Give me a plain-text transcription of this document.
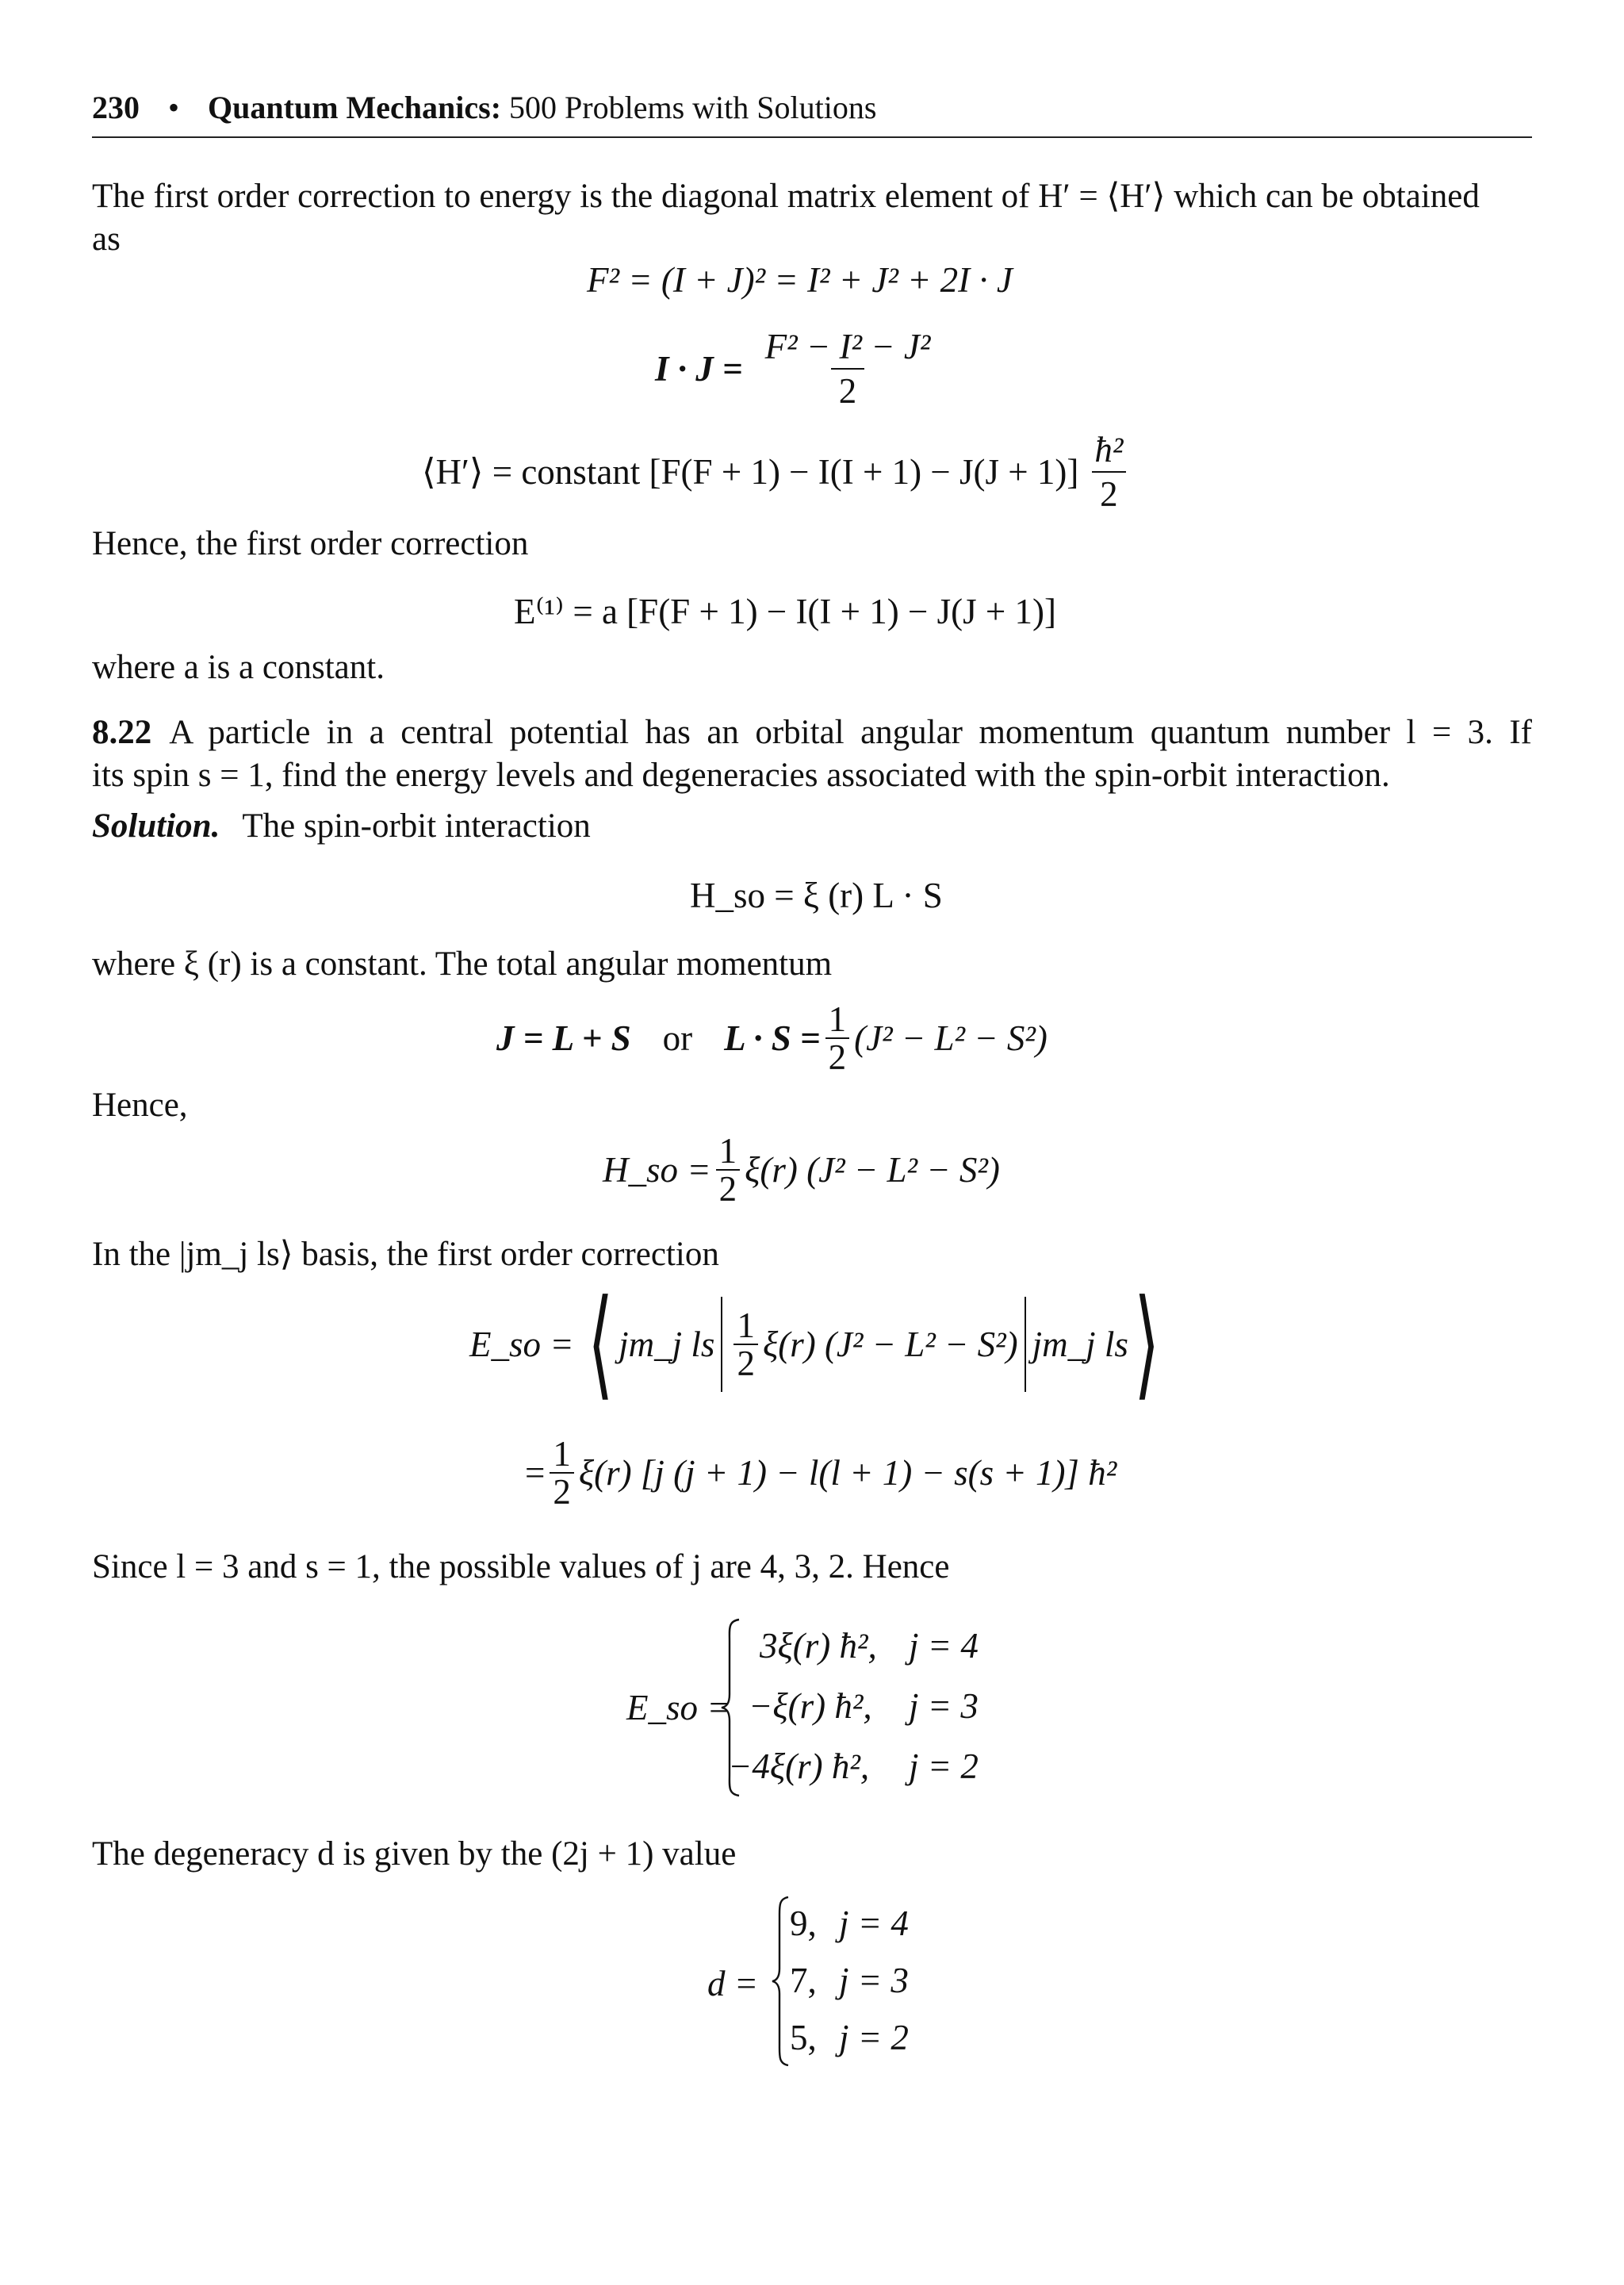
230 • Quantum Mechanics: 500 Problems with Solutions
The first order correction to energy is the diagonal matrix element of H′ = ⟨H′⟩ which can be obtained
as
F² = (I + J)² = I² + J² + 2I · J
$I \cdot J = \frac{\text{F² − I² − J²}}{2}$
⟨H′⟩ = constant $[F(F + 1) - I(I + 1) - J(J + 1)] \frac{\text{ħ²}}{2}$
Hence, the first order correction
E⁽¹⁾ = a [F(F + 1) − I(I + 1) − J(J + 1)]
where a is a constant.
8.22 A particle in a central potential has an orbital angular momentum quantum number l = 3. If
its spin s = 1, find the energy levels and degeneracies associated with the spin-orbit interaction.
Solution. The spin-orbit interaction
H_so = ξ (r) L · S
where ξ (r) is a constant. The total angular momentum
J = L + S or $L \cdot S = \frac{1}{2} (J^2 - L^2 - S^2)$
Hence,
H_so = $\frac{1}{2} \xi(r) (J^2 - L^2 - S^2)$
In the |jm_j ls⟩ basis, the first order correction
E_so = ⟨ jm_j ls $\frac{1}{2} \xi(r) (J^2 - L^2 - S^2)$ jm_j ls ⟩
= $\frac{1}{2} \xi(r)$ [j (j + 1) − l(l + 1) − s(s + 1)] ħ²
Since l = 3 and s = 1, the possible values of j are 4, 3, 2. Hence
E_so =
3ξ(r) ħ², j = 4
−ξ(r) ħ², j = 3
−4ξ(r) ħ², j = 2
The degeneracy d is given by the (2j + 1) value
d =
9, j = 4
7, j = 3
5, j = 2
